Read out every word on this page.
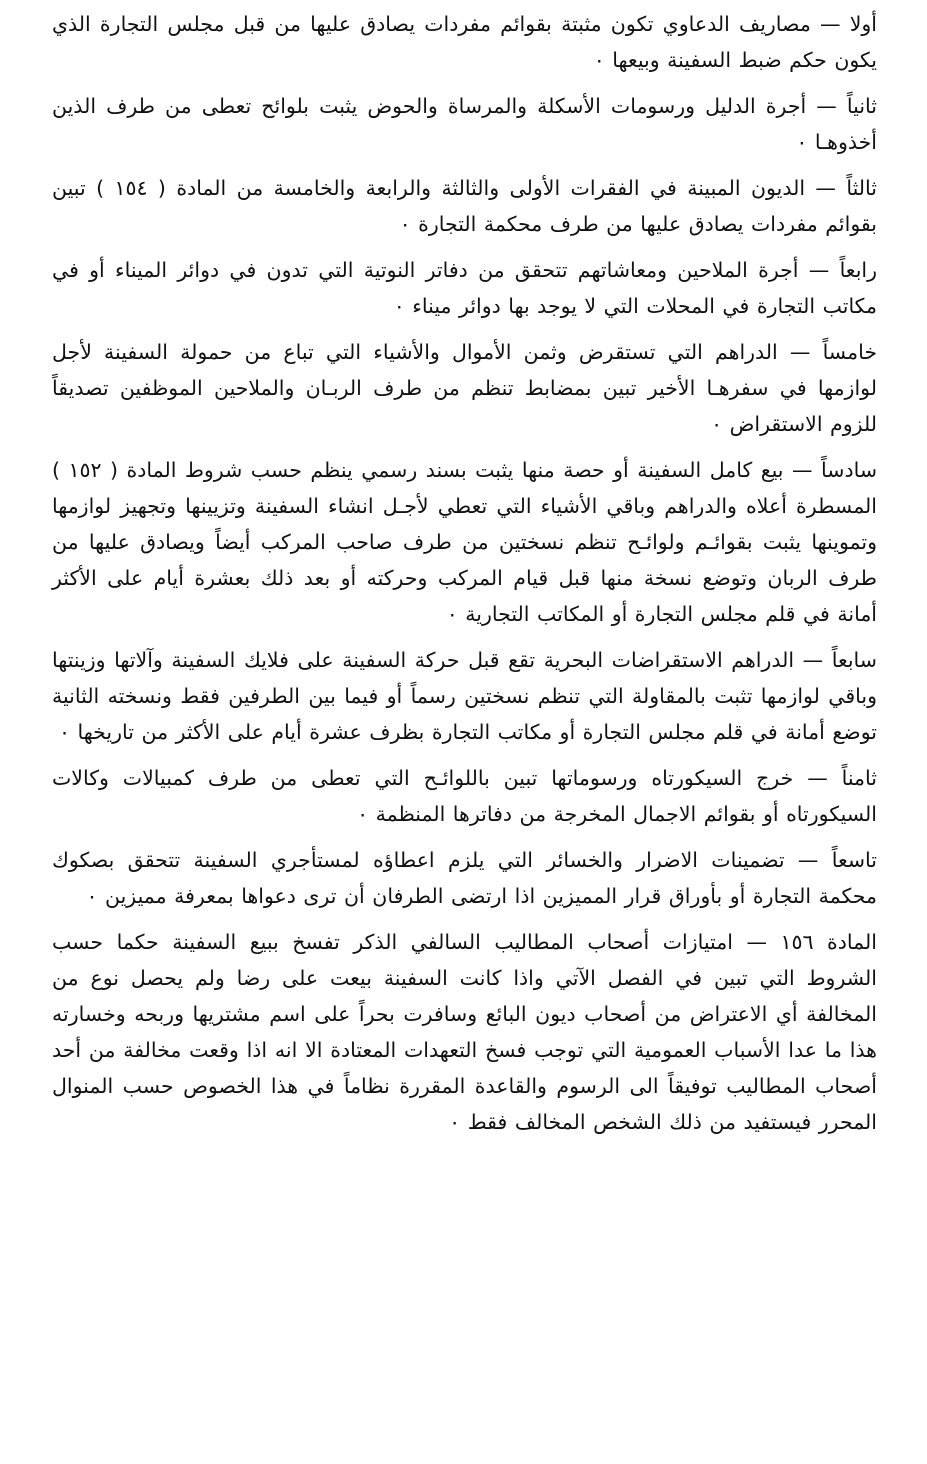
أولا — مصاريف الدعاوي تكون مثبتة بقوائم مفردات يصادق عليها من قبل مجلس التجارة الذي يكون حكم ضبط السفينة وبيعها ٠

ثانياً — أجرة الدليل ورسومات الأسكلة والمرساة والحوض يثبت بلوائح تعطى من طرف الذين أخذوهـا ٠

ثالثاً — الديون المبينة في الفقرات الأولى والثالثة والرابعة والخامسة من المادة ( ١٥٤ ) تبين بقوائم مفردات يصادق عليها من طرف محكمة التجارة ٠

رابعاً — أجرة الملاحين ومعاشاتهم تتحقق من دفاتر النوتية التي تدون في دوائر الميناء أو في مكاتب التجارة في المحلات التي لا يوجد بها دوائر ميناء ٠

خامساً — الدراهم التي تستقرض وثمن الأموال والأشياء التي تباع من حمولة السفينة لأجل لوازمها في سفرهـا الأخير تبين بمضابط تنظم من طرف الربـان والملاحين الموظفين تصديقاً للزوم الاستقراض ٠

سادساً — بيع كامل السفينة أو حصة منها يثبت بسند رسمي ينظم حسب شروط المادة ( ١٥٢ ) المسطرة أعلاه والدراهم وباقي الأشياء التي تعطي لأجـل انشاء السفينة وتزيينها وتجهيز لوازمها وتموينها يثبت بقوائـم ولوائـح تنظم نسختين من طرف صاحب المركب أيضاً ويصادق عليها من طرف الربان وتوضع نسخة منها قبل قيام المركب وحركته أو بعد ذلك بعشرة أيام على الأكثر أمانة في قلم مجلس التجارة أو المكاتب التجارية ٠

سابعاً — الدراهم الاستقراضات البحرية تقع قبل حركة السفينة على فلايك السفينة وآلاتها وزينتها وباقي لوازمها تثبت بالمقاولة التي تنظم نسختين رسماً أو فيما بين الطرفين فقط ونسخته الثانية توضع أمانة في قلم مجلس التجارة أو مكاتب التجارة بظرف عشرة أيام على الأكثر من تاريخها ٠

ثامناً — خرج السيكورتاه ورسوماتها تبين باللوائـح التي تعطى من طرف كمبيالات وكالات السيكورتاه أو بقوائم الاجمال المخرجة من دفاترها المنظمة ٠

تاسعاً — تضمينات الاضرار والخسائر التي يلزم اعطاؤه لمستأجري السفينة تتحقق بصكوك محكمة التجارة أو بأوراق قرار المميزين اذا ارتضى الطرفان أن ترى دعواها بمعرفة مميزين ٠

المادة ١٥٦ — امتيازات أصحاب المطاليب السالفي الذكر تفسخ ببيع السفينة حكما حسب الشروط التي تبين في الفصل الآتي واذا كانت السفينة بيعت على رضا ولم يحصل نوع من المخالفة أي الاعتراض من أصحاب ديون البائع وسافرت بحراً على اسم مشتريها وربحه وخسارته هذا ما عدا الأسباب العمومية التي توجب فسخ التعهدات المعتادة الا انه اذا وقعت مخالفة من أحد أصحاب المطاليب توفيقاً الى الرسوم والقاعدة المقررة نظاماً في هذا الخصوص حسب المنوال المحرر فيستفيد من ذلك الشخص المخالف فقط ٠
